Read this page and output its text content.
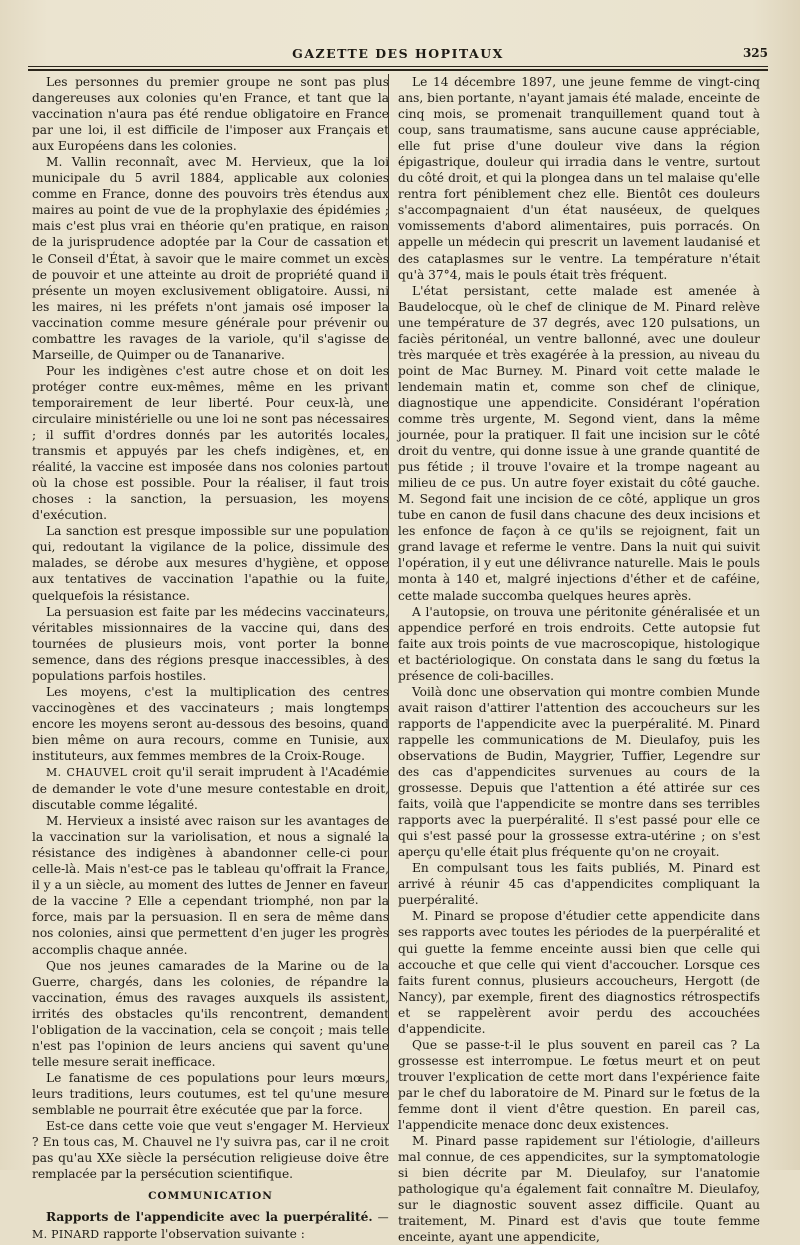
GAZETTE DES HOPITAUX	325

Les personnes du premier groupe ne sont pas plus dangereuses aux colonies qu'en France, et tant que la vaccination n'aura pas été rendue obligatoire en France par une loi, il est difficile de l'imposer aux Français et aux Européens dans les colonies.

M. Vallin reconnaît, avec M. Hervieux, que la loi municipale du 5 avril 1884, applicable aux colonies comme en France, donne des pouvoirs très étendus aux maires au point de vue de la prophylaxie des épidémies ; mais c'est plus vrai en théorie qu'en pratique, en raison de la jurisprudence adoptée par la Cour de cassation et le Conseil d'État, à savoir que le maire commet un excès de pouvoir et une atteinte au droit de propriété quand il présente un moyen exclusivement obligatoire. Aussi, ni les maires, ni les préfets n'ont jamais osé imposer la vaccination comme mesure générale pour prévenir ou combattre les ravages de la variole, qu'il s'agisse de Marseille, de Quimper ou de Tananarive.

Pour les indigènes c'est autre chose et on doit les protéger contre eux-mêmes, même en les privant temporairement de leur liberté. Pour ceux-là, une circulaire ministérielle ou une loi ne sont pas nécessaires ; il suffit d'ordres donnés par les autorités locales, transmis et appuyés par les chefs indigènes, et, en réalité, la vaccine est imposée dans nos colonies partout où la chose est possible. Pour la réaliser, il faut trois choses : la sanction, la persuasion, les moyens d'exécution.

La sanction est presque impossible sur une population qui, redoutant la vigilance de la police, dissimule des malades, se dérobe aux mesures d'hygiène, et oppose aux tentatives de vaccination l'apathie ou la fuite, quelquefois la résistance.

La persuasion est faite par les médecins vaccinateurs, véritables missionnaires de la vaccine qui, dans des tournées de plusieurs mois, vont porter la bonne semence, dans des régions presque inaccessibles, à des populations parfois hostiles.

Les moyens, c'est la multiplication des centres vaccinogènes et des vaccinateurs ; mais longtemps encore les moyens seront au-dessous des besoins, quand bien même on aura recours, comme en Tunisie, aux instituteurs, aux femmes membres de la Croix-Rouge.

M. CHAUVEL croit qu'il serait imprudent à l'Académie de demander le vote d'une mesure contestable en droit, discutable comme légalité.

M. Hervieux a insisté avec raison sur les avantages de la vaccination sur la variolisation, et nous a signalé la résistance des indigènes à abandonner celle-ci pour celle-là. Mais n'est-ce pas le tableau qu'offrait la France, il y a un siècle, au moment des luttes de Jenner en faveur de la vaccine ? Elle a cependant triomphé, non par la force, mais par la persuasion. Il en sera de même dans nos colonies, ainsi que permettent d'en juger les progrès accomplis chaque année.

Que nos jeunes camarades de la Marine ou de la Guerre, chargés, dans les colonies, de répandre la vaccination, émus des ravages auxquels ils assistent, irrités des obstacles qu'ils rencontrent, demandent l'obligation de la vaccination, cela se conçoit ; mais telle n'est pas l'opinion de leurs anciens qui savent qu'une telle mesure serait inefficace.

Le fanatisme de ces populations pour leurs mœurs, leurs traditions, leurs coutumes, est tel qu'une mesure semblable ne pourrait être exécutée que par la force.

Est-ce dans cette voie que veut s'engager M. Hervieux ? En tous cas, M. Chauvel ne l'y suivra pas, car il ne croit pas qu'au XXe siècle la persécution religieuse doive être remplacée par la persécution scientifique.

COMMUNICATION

Rapports de l'appendicite avec la puerpéralité. — M. PINARD rapporte l'observation suivante :

Le 14 décembre 1897, une jeune femme de vingt-cinq ans, bien portante, n'ayant jamais été malade, enceinte de cinq mois, se promenait tranquillement quand tout à coup, sans traumatisme, sans aucune cause appréciable, elle fut prise d'une douleur vive dans la région épigastrique, douleur qui irradia dans le ventre, surtout du côté droit, et qui la plongea dans un tel malaise qu'elle rentra fort péniblement chez elle. Bientôt ces douleurs s'accompagnaient d'un état nauséeux, de quelques vomissements d'abord alimentaires, puis porracés. On appelle un médecin qui prescrit un lavement laudanisé et des cataplasmes sur le ventre. La température n'était qu'à 37°4, mais le pouls était très fréquent.

L'état persistant, cette malade est amenée à Baudelocque, où le chef de clinique de M. Pinard relève une température de 37 degrés, avec 120 pulsations, un faciès péritonéal, un ventre ballonné, avec une douleur très marquée et très exagérée à la pression, au niveau du point de Mac Burney. M. Pinard voit cette malade le lendemain matin et, comme son chef de clinique, diagnostique une appendicite. Considérant l'opération comme très urgente, M. Segond vient, dans la même journée, pour la pratiquer. Il fait une incision sur le côté droit du ventre, qui donne issue à une grande quantité de pus fétide ; il trouve l'ovaire et la trompe nageant au milieu de ce pus. Un autre foyer existait du côté gauche. M. Segond fait une incision de ce côté, applique un gros tube en canon de fusil dans chacune des deux incisions et les enfonce de façon à ce qu'ils se rejoignent, fait un grand lavage et referme le ventre. Dans la nuit qui suivit l'opération, il y eut une délivrance naturelle. Mais le pouls monta à 140 et, malgré injections d'éther et de caféine, cette malade succomba quelques heures après.

A l'autopsie, on trouva une péritonite généralisée et un appendice perforé en trois endroits. Cette autopsie fut faite aux trois points de vue macroscopique, histologique et bactériologique. On constata dans le sang du fœtus la présence de coli-bacilles.

Voilà donc une observation qui montre combien Munde avait raison d'attirer l'attention des accoucheurs sur les rapports de l'appendicite avec la puerpéralité. M. Pinard rappelle les communications de M. Dieulafoy, puis les observations de Budin, Maygrier, Tuffier, Legendre sur des cas d'appendicites survenues au cours de la grossesse. Depuis que l'attention a été attirée sur ces faits, voilà que l'appendicite se montre dans ses terribles rapports avec la puerpéralité. Il s'est passé pour elle ce qui s'est passé pour la grossesse extra-utérine ; on s'est aperçu qu'elle était plus fréquente qu'on ne croyait.

En compulsant tous les faits publiés, M. Pinard est arrivé à réunir 45 cas d'appendicites compliquant la puerpéralité.

M. Pinard se propose d'étudier cette appendicite dans ses rapports avec toutes les périodes de la puerpéralité et qui guette la femme enceinte aussi bien que celle qui accouche et que celle qui vient d'accoucher. Lorsque ces faits furent connus, plusieurs accoucheurs, Hergott (de Nancy), par exemple, firent des diagnostics rétrospectifs et se rappelèrent avoir perdu des accouchées d'appendicite.

Que se passe-t-il le plus souvent en pareil cas ? La grossesse est interrompue. Le fœtus meurt et on peut trouver l'explication de cette mort dans l'expérience faite par le chef du laboratoire de M. Pinard sur le fœtus de la femme dont il vient d'être question. En pareil cas, l'appendicite menace donc deux existences.

M. Pinard passe rapidement sur l'étiologie, d'ailleurs mal connue, de ces appendicites, sur la symptomatologie si bien décrite par M. Dieulafoy, sur l'anatomie pathologique qu'a également fait connaître M. Dieulafoy, sur le diagnostic souvent assez difficile. Quant au traitement, M. Pinard est d'avis que toute femme enceinte, ayant une appendicite,
